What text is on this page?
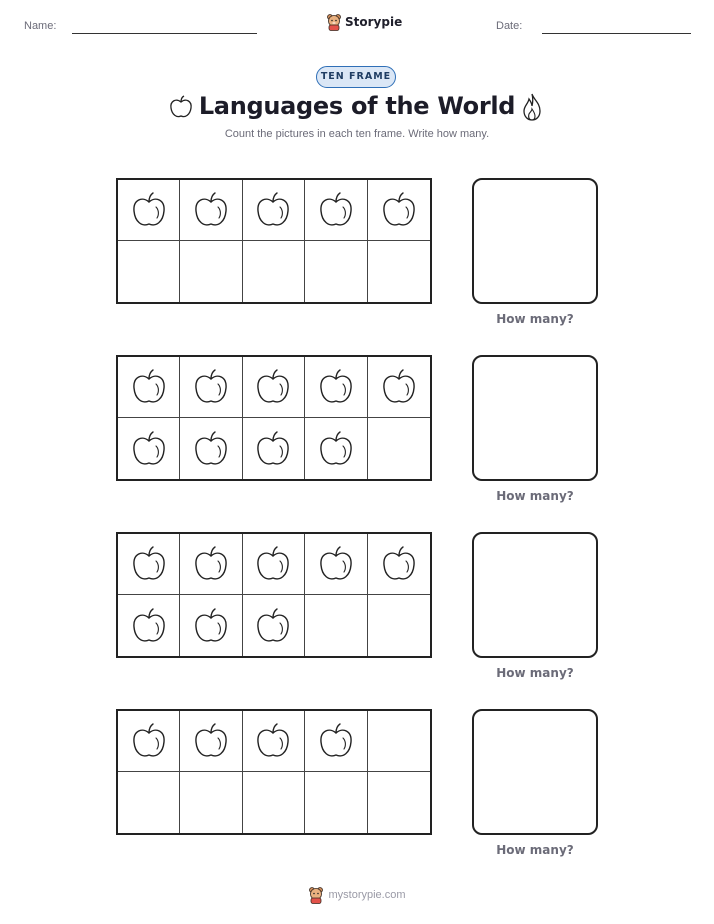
Name:	Storypie	Date:
TEN FRAME
Languages of the World
Count the pictures in each ten frame. Write how many.
How many?
How many?
How many?
How many?
mystorypie.com
